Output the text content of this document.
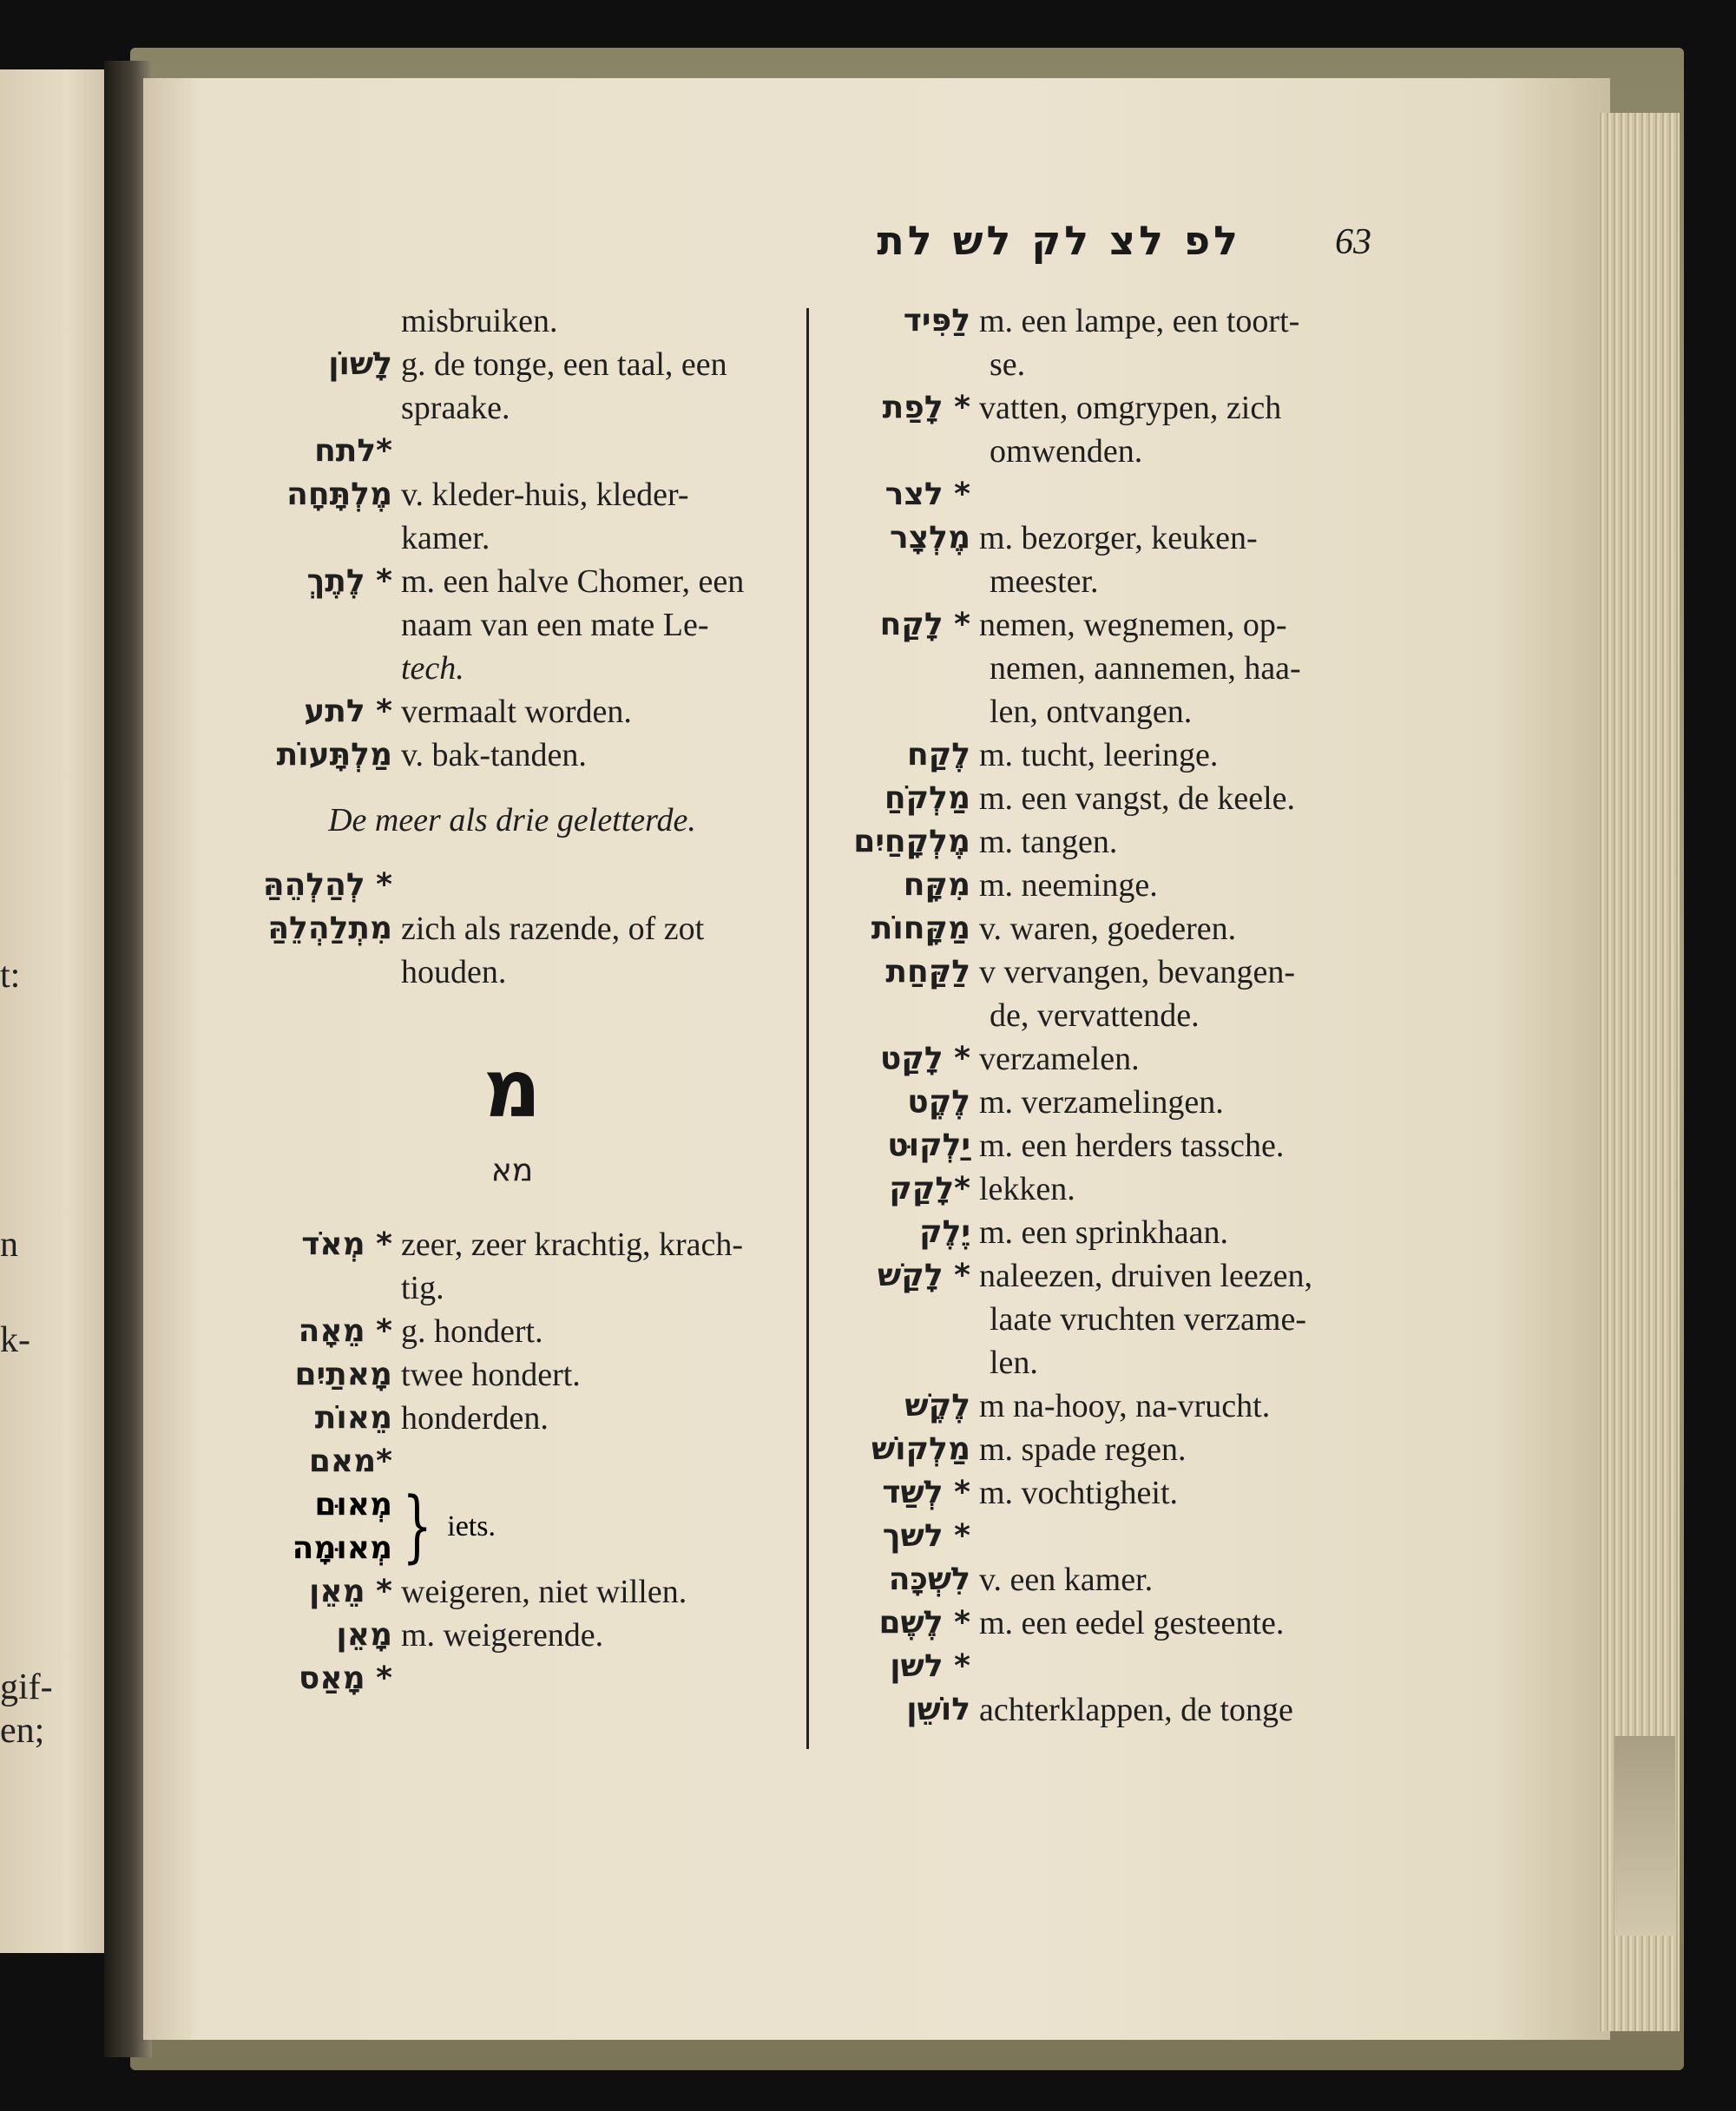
t:
n
k-
gif-
en;
לפ לצ לק לש לת	63
misbruiken.
לָשׁוֹן g. de tonge, een taal, een
spraake.
*לתח
מֶלְתָּחָה v. kleder-huis, kleder-
kamer.
* לֶתֶךְ m. een halve Chomer, een
naam van een mate Le-
tech.
* לתע vermaalt worden.
מַלְתָּעוֹת v. bak-tanden.
De meer als drie geletterde.
* לְהַלְהֵהַּ
מִתְלַהְלֵהַּ zich als razende, of zot
houden.
מ
מא
* מְאֹד zeer, zeer krachtig, krach-
tig.
* מֵאָה g. hondert.
מָאתַיִם twee hondert.
מֵאוֹת honderden.
*מאם
מְאוּם
מְאוּמָה } iets.
* מֵאֵן weigeren, niet willen.
מָאֵן m. weigerende.
* מָאַס
לַפִּיד m. een lampe, een toort-
se.
* לָפַת vatten, omgrypen, zich
omwenden.
* לצר
מֶלְצָר m. bezorger, keuken-
meester.
* לָקַח nemen, wegnemen, op-
nemen, aannemen, haa-
len, ontvangen.
לֶקַח m. tucht, leeringe.
מַלְקֹחַ m. een vangst, de keele.
מֶלְקָחַיִם m. tangen.
מִקָּח m. neeminge.
מַקָּחוֹת v. waren, goederen.
לַקַּחַת v vervangen, bevangen-
de, vervattende.
* לָקַט verzamelen.
לֶקֶט m. verzamelingen.
יַלְקוּט m. een herders tassche.
*לָקַק lekken.
יֶלֶק m. een sprinkhaan.
* לָקַשׁ naleezen, druiven leezen,
laate vruchten verzame-
len.
לֶקֶשׁ m na-hooy, na-vrucht.
מַלְקוֹשׁ m. spade regen.
* לְשַׁד m. vochtigheit.
* לשך
לִשְׁכָּה v. een kamer.
* לֶשֶׁם m. een eedel gesteente.
* לשן
לוֹשֵׁן achterklappen, de tonge
